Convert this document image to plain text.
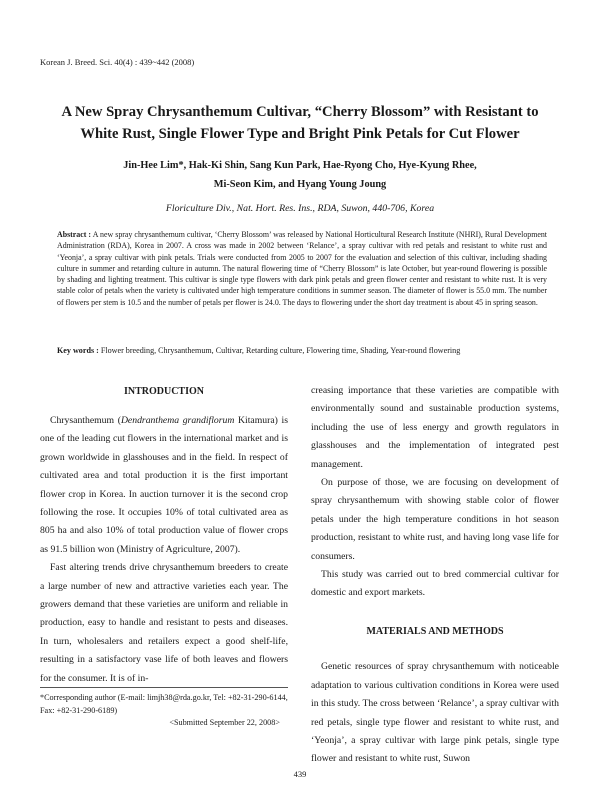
Korean J. Breed. Sci. 40(4) : 439~442 (2008)
A New Spray Chrysanthemum Cultivar, “Cherry Blossom” with Resistant to
White Rust, Single Flower Type and Bright Pink Petals for Cut Flower
Jin-Hee Lim*, Hak-Ki Shin, Sang Kun Park, Hae-Ryong Cho, Hye-Kyung Rhee,
Mi-Seon Kim, and Hyang Young Joung
Floriculture Div., Nat. Hort. Res. Ins., RDA, Suwon, 440-706, Korea
Abstract : A new spray chrysanthemum cultivar, ‘Cherry Blossom’ was released by National Horticultural Research Institute (NHRI), Rural Development Administration (RDA), Korea in 2007. A cross was made in 2002 between ‘Relance’, a spray cultivar with red petals and resistant to white rust and ‘Yeonja’, a spray cultivar with pink petals. Trials were conducted from 2005 to 2007 for the evaluation and selection of this cultivar, including shading culture in summer and retarding culture in autumn. The natural flowering time of “Cherry Blossom” is late October, but year-round flowering is possible by shading and lighting treatment. This cultivar is single type flowers with dark pink petals and green flower center and resistant to white rust. It is very stable color of petals when the variety is cultivated under high temperature conditions in summer season. The diameter of flower is 55.0 mm. The number of flowers per stem is 10.5 and the number of petals per flower is 24.0. The days to flowering under the short day treatment is about 45 in spring season.
Key words : Flower breeding, Chrysanthemum, Cultivar, Retarding culture, Flowering time, Shading, Year-round flowering
INTRODUCTION

Chrysanthemum (Dendranthema grandiflorum Kitamura) is one of the leading cut flowers in the international market and is grown worldwide in glasshouses and in the field. In respect of cultivated area and total production it is the first important flower crop in Korea. In auction turnover it is the second crop following the rose. It occupies 10% of total cultivated area as 805 ha and also 10% of total production value of flower crops as 91.5 billion won (Ministry of Agriculture, 2007).

Fast altering trends drive chrysanthemum breeders to create a large number of new and attractive varieties each year. The growers demand that these varieties are uniform and reliable in production, easy to handle and resistant to pests and diseases. In turn, wholesalers and retailers expect a good shelf-life, resulting in a satisfactory vase life of both leaves and flowers for the consumer. It is of in-

creasing importance that these varieties are compatible with environmentally sound and sustainable production systems, including the use of less energy and growth regulators in glasshouses and the implementation of integrated pest management.

On purpose of those, we are focusing on development of spray chrysanthemum with showing stable color of flower petals under the high temperature conditions in hot season production, resistant to white rust, and having long vase life for consumers.

This study was carried out to bred commercial cultivar for domestic and export markets.

MATERIALS AND METHODS

Genetic resources of spray chrysanthemum with noticeable adaptation to various cultivation conditions in Korea were used in this study. The cross between ‘Relance’, a spray cultivar with red petals, single type flower and resistant to white rust, and ‘Yeonja’, a spray cultivar with large pink petals, single type flower and resistant to white rust, Suwon

*Corresponding author (E-mail: limjh38@rda.go.kr, Tel: +82-31-290-6144, Fax: +82-31-290-6189)
<Submitted September 22, 2008>
439
